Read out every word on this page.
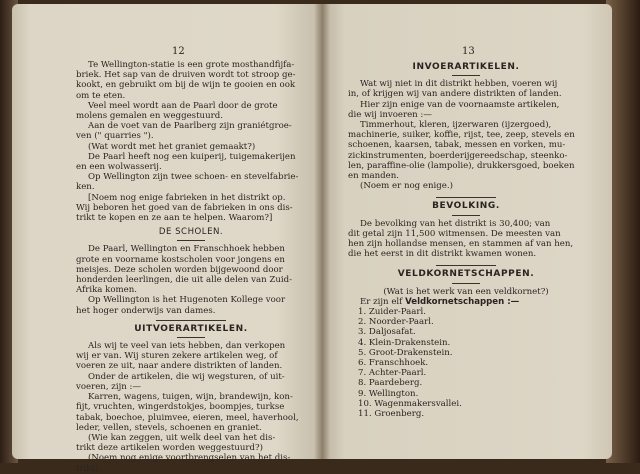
12

Te Wellington-statie is een grote mosthandfijfa-

briek. Het sap van de druiven wordt tot stroop ge-

kookt, en gebruikt om bij de wijn te gooien en ook

om te eten.

Veel meel wordt aan de Paarl door de grote

molens gemalen en weggestuurd.

Aan de voet van de Paarlberg zijn graniétgroe-

ven (" quarries ").

(Wat wordt met het graniet gemaakt?)

De Paarl heeft nog een kuiperij, tuigemakerijen

en een wolwasserij.

Op Wellington zijn twee schoen- en stevelfabrie-

ken.

[Noem nog enige fabrieken in het distrikt op.

Wij beboren het goed van de fabrieken in ons dis-

trikt te kopen en ze aan te helpen. Waarom?]

DE SCHOLEN.

De Paarl, Wellington en Franschhoek hebben

grote en voorname kostscholen voor jongens en

meisjes. Deze scholen worden bijgewoond door

honderden leerlingen, die uit alle delen van Zuid-

Afrika komen.

Op Wellington is het Hugenoten Kollege voor

het hoger onderwijs van dames.

UITVOERARTIKELEN.

Als wij te veel van iets hebben, dan verkopen

wij er van. Wij sturen zekere artikelen weg, of

voeren ze uit, naar andere distrikten of landen.

Onder de artikelen, die wij wegsturen, of uit-

voeren, zijn :—

Karren, wagens, tuigen, wijn, brandewijn, kon-

fijt, vruchten, wingerdstokjes, boompjes, turkse

tabak, boechoe, pluimvee, eieren, meel, haverhool,

leder, vellen, stevels, schoenen en graniet.

(Wie kan zeggen, uit welk deel van het dis-

trikt deze artikelen worden weggestuurd?)

(Noem nog enige voortbrengselen van het dis-

trikt).

13

INVOERARTIKELEN.

Wat wij niet in dit distrikt hebben, voeren wij

in, of krijgen wij van andere distrikten of landen.

Hier zijn enige van de voornaamste artikelen,

die wij invoeren :—

Timmerhout, kleren, ijzerwaren (ijzergoed),

machinerie, suiker, koffie, rijst, tee, zeep, stevels en

schoenen, kaarsen, tabak, messen en vorken, mu-

zickinstrumenten, boerderijgereedschap, steenko-

len, paraffine-olie (lampolie), drukkersgoed, boeken

en manden.

(Noem er nog enige.)

BEVOLKING.

De bevolking van het distrikt is 30,400; van

dit getal zijn 11,500 witmensen. De meesten van

hen zijn hollandse mensen, en stammen af van hen,

die het eerst in dit distrikt kwamen wonen.

VELDKORNETSCHAPPEN.

(Wat is het werk van een veldkornet?)

Er zijn elf Veldkornetschappen :—

1. Zuider-Paarl.

2. Noorder-Paarl.

3. Daljosafat.

4. Klein-Drakenstein.

5. Groot-Drakenstein.

6. Franschhoek.

7. Achter-Paarl.

8. Paardeberg.

9. Wellington.

10. Wagenmakersvallei.

11. Groenberg.
